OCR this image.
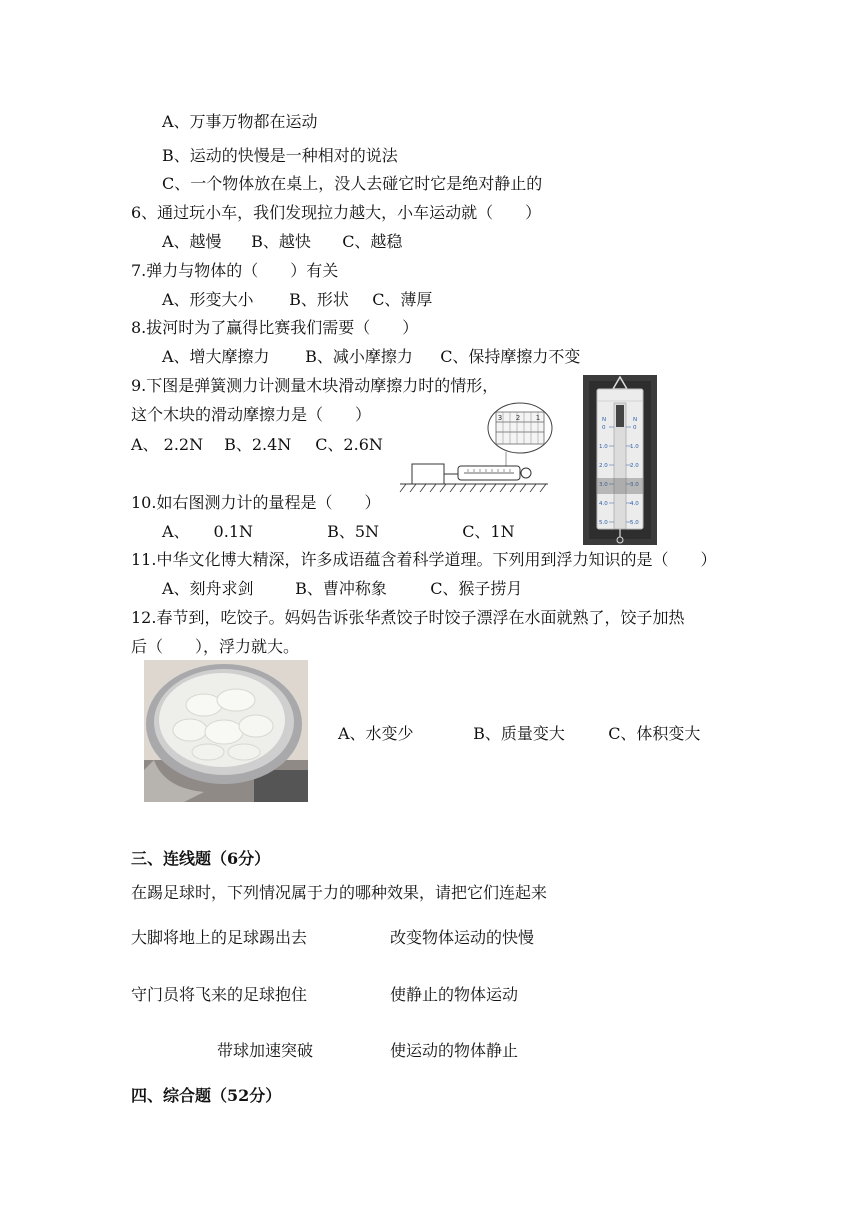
A、万事万物都在运动
B、运动的快慢是一种相对的说法
C、一个物体放在桌上，没人去碰它时它是绝对静止的
6、通过玩小车，我们发现拉力越大，小车运动就（　　）
A、越慢 B、越快 C、越稳
7.弹力与物体的（　　）有关
A、形变大小 B、形状 C、薄厚
8.拔河时为了赢得比赛我们需要（　　）
A、增大摩擦力 B、减小摩擦力 C、保持摩擦力不变
9.下图是弹簧测力计测量木块滑动摩擦力时的情形，
这个木块的滑动摩擦力是（　　）
A、 2.2N B、2.4N C、2.6N
1
2
3
10.如右图测力计的量程是（　　）
A、　　0.1N	B、5N	C、1N
N	N
0	0
1.0	1.0
2.0	2.0
3.0	3.0
4.0	4.0
5.0	5.0
11.中华文化博大精深，许多成语蕴含着科学道理。下列用到浮力知识的是（　　）
A、刻舟求剑	B、曹冲称象	C、猴子捞月
12.春节到，吃饺子。妈妈告诉张华煮饺子时饺子漂浮在水面就熟了，饺子加热
后（　　），浮力就大。
A、水变少	B、质量变大	C、体积变大
三、连线题（6分）
在踢足球时，下列情况属于力的哪种效果，请把它们连起来
大脚将地上的足球踢出去	改变物体运动的快慢
守门员将飞来的足球抱住	使静止的物体运动
带球加速突破	使运动的物体静止
四、综合题（52分）
